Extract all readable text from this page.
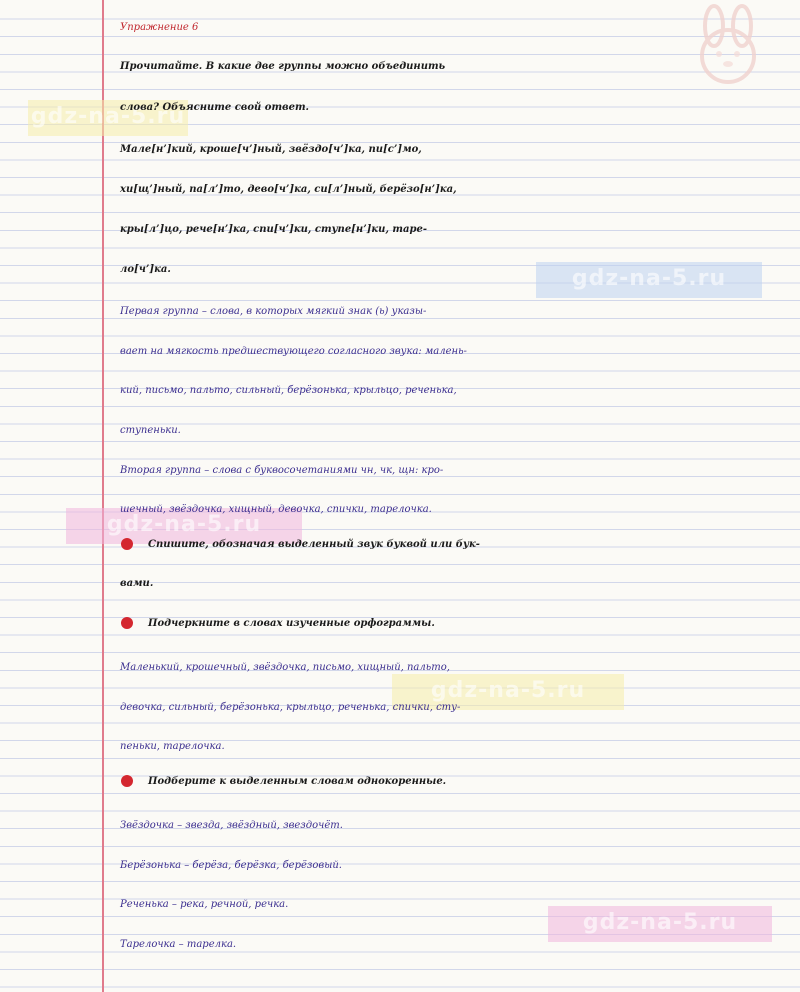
gdz-na-5.ru
gdz-na-5.ru
gdz-na-5.ru
gdz-na-5.ru
gdz-na-5.ru
Упражнение 6
Прочитайте. В какие две группы можно объединить
слова? Объясните свой ответ.
Мале[н’]кий, кроше[ч’]ный, звёздо[ч’]ка, пи[с’]мо,
хи[щ’]ный, па[л’]то, дево[ч’]ка, си[л’]ный, берёзо[н’]ка,
кры[л’]цо, рече[н’]ка, спи[ч’]ки, ступе[н’]ки, таре-
ло[ч’]ка.
Первая группа – слова, в которых мягкий знак (ь) указы-
вает на мягкость предшествующего согласного звука: малень-
кий, письмо, пальто, сильный, берёзонька, крыльцо, реченька,
ступеньки.
Вторая группа – слова с буквосочетаниями чн, чк, щн: кро-
шечный, звёздочка, хищный, девочка, спички, тарелочка.
Спишите, обозначая выделенный звук буквой или бук-
вами.
Подчеркните в словах изученные орфограммы.
Маленький, крошечный, звёздочка, письмо, хищный, пальто,
девочка, сильный, берёзонька, крыльцо, реченька, спички, сту-
пеньки, тарелочка.
Подберите к выделенным словам однокоренные.
Звёздочка – звезда, звёздный, звездочёт.
Берёзонька – берёза, берёзка, берёзовый.
Реченька – река, речной, речка.
Тарелочка – тарелка.
